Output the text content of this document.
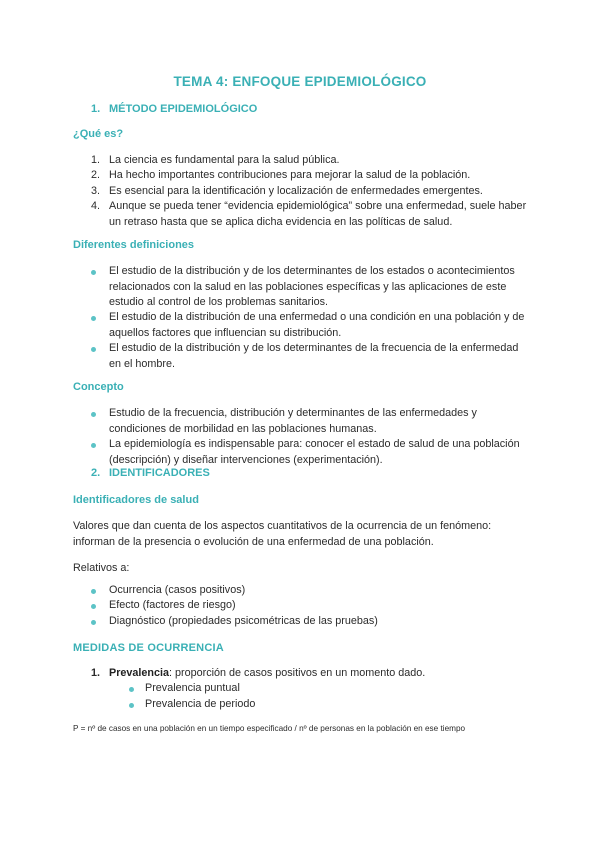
TEMA 4: ENFOQUE EPIDEMIOLÓGICO
1. MÉTODO EPIDEMIOLÓGICO
¿Qué es?
1. La ciencia es fundamental para la salud pública.

2. Ha hecho importantes contribuciones para mejorar la salud de la población.

3. Es esencial para la identificación y localización de enfermedades emergentes.

4. Aunque se pueda tener “evidencia epidemiológica” sobre una enfermedad, suele haber un retraso hasta que se aplica dicha evidencia en las políticas de salud.

Diferentes definiciones

El estudio de la distribución y de los determinantes de los estados o acontecimientos relacionados con la salud en las poblaciones específicas y las aplicaciones de este estudio al control de los problemas sanitarios.

El estudio de la distribución de una enfermedad o una condición en una población y de aquellos factores que influencian su distribución.

El estudio de la distribución y de los determinantes de la frecuencia de la enfermedad en el hombre.

Concepto

Estudio de la frecuencia, distribución y determinantes de las enfermedades y condiciones de morbilidad en las poblaciones humanas.

La epidemiología es indispensable para: conocer el estado de salud de una población (descripción) y diseñar intervenciones (experimentación).

2. IDENTIFICADORES
Identificadores de salud

Valores que dan cuenta de los aspectos cuantitativos de la ocurrencia de un fenómeno: informan de la presencia o evolución de una enfermedad de una población.

Relativos a:

Ocurrencia (casos positivos)

Efecto (factores de riesgo)

Diagnóstico (propiedades psicométricas de las pruebas)

MEDIDAS DE OCURRENCIA
1. Prevalencia: proporción de casos positivos en un momento dado.

Prevalencia puntual

Prevalencia de periodo

P = nº de casos en una población en un tiempo especificado / nº de personas en la población en ese tiempo
